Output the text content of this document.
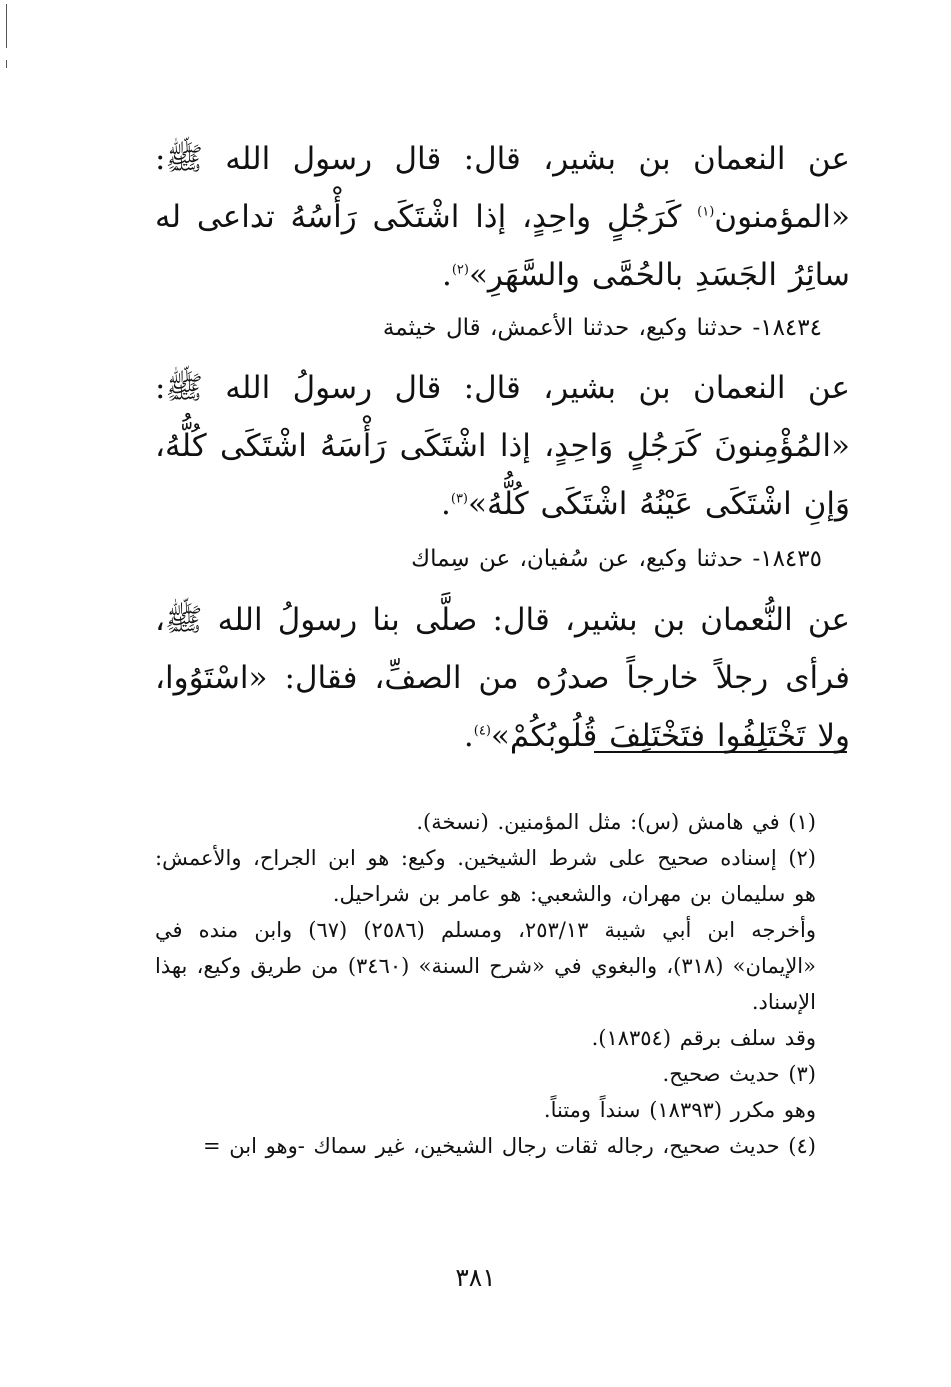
عن النعمان بن بشير، قال: قال رسول الله ﷺ: «المؤمنون$^{(١)}$ كَرَجُلٍ واحِدٍ، إذا اشْتَكَى رَأْسُهُ تداعى له سائِرُ الجَسَدِ بالحُمَّى والسَّهَرِ»$^{(٢)}$.
١٨٤٣٤- حدثنا وكيع، حدثنا الأعمش، قال خيثمة
عن النعمان بن بشير، قال: قال رسولُ الله ﷺ: «المُؤْمِنونَ كَرَجُلٍ وَاحِدٍ، إذا اشْتَكَى رَأْسَهُ اشْتَكَى كُلُّهُ، وَإنِ اشْتَكَى عَيْنُهُ اشْتَكَى كُلُّهُ»$^{(٣)}$.
١٨٤٣٥- حدثنا وكيع، عن سُفيان، عن سِماك
عن النُّعمان بن بشير، قال: صلَّى بنا رسولُ الله ﷺ، فرأى رجلاً خارجاً صدرُه من الصفِّ، فقال: «اسْتَوُوا، ولا تَخْتَلِفُوا فتَخْتَلِفَ قُلُوبُكُمْ»$^{(٤)}$.
(١) في هامش (س): مثل المؤمنين. (نسخة).
(٢) إسناده صحيح على شرط الشيخين. وكيع: هو ابن الجراح، والأعمش: هو سليمان بن مهران، والشعبي: هو عامر بن شراحيل.
وأخرجه ابن أبي شيبة ٢٥٣/١٣، ومسلم (٢٥٨٦) (٦٧) وابن منده في «الإيمان» (٣١٨)، والبغوي في «شرح السنة» (٣٤٦٠) من طريق وكيع، بهذا الإسناد.
وقد سلف برقم (١٨٣٥٤).
(٣) حديث صحيح.
وهو مكرر (١٨٣٩٣) سنداً ومتناً.
(٤) حديث صحيح، رجاله ثقات رجال الشيخين، غير سماك -وهو ابن =
٣٨١
